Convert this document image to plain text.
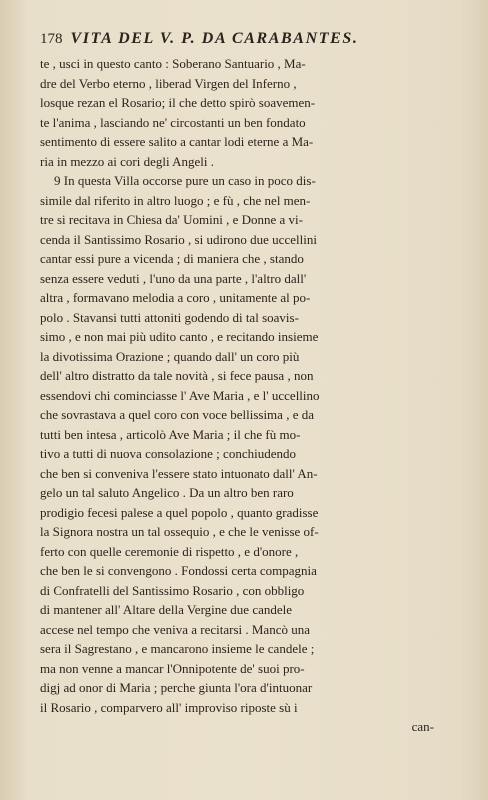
178 VITA DEL V. P. DA CARABANTES.
te , usci in questo canto : Soberano Santuario , Ma-
dre del Verbo eterno , liberad Virgen del Inferno ,
losque rezan el Rosario; il che detto spirò soavemen-
te l'anima , lasciando ne' circostanti un ben fondato
sentimento di essere salito a cantar lodi eterne a Ma-
ria in mezzo ai cori degli Angeli .
9 In questa Villa occorse pure un caso in poco dis-
simile dal riferito in altro luogo ; e fù , che nel men-
tre si recitava in Chiesa da' Uomini , e Donne a vi-
cenda il Santissimo Rosario , si udirono due uccellini
cantar essi pure a vicenda ; di maniera che , stando
senza essere veduti , l'uno da una parte , l'altro dall'
altra , formavano melodia a coro , unitamente al po-
polo . Stavansi tutti attoniti godendo di tal soavis-
simo , e non mai più udito canto , e recitando insieme
la divotissima Orazione ; quando dall' un coro più
dell' altro distratto da tale novità , si fece pausa , non
essendovi chi cominciasse l' Ave Maria , e l' uccellino
che sovrastava a quel coro con voce bellissima , e da
tutti ben intesa , articolò Ave Maria ; il che fù mo-
tivo a tutti di nuova consolazione ; conchiudendo
che ben si conveniva l'essere stato intuonato dall' An-
gelo un tal saluto Angelico . Da un altro ben raro
prodigio fecesi palese a quel popolo , quanto gradisse
la Signora nostra un tal ossequio , e che le venisse of-
ferto con quelle ceremonie di rispetto , e d'onore ,
che ben le si convengono . Fondossi certa compagnia
di Confratelli del Santissimo Rosario , con obbligo
di mantener all' Altare della Vergine due candele
accese nel tempo che veniva a recitarsi . Mancò una
sera il Sagrestano , e mancarono insieme le candele ;
ma non venne a mancar l'Onnipotente de' suoi pro-
digj ad onor di Maria ; perche giunta l'ora d'intuonar
il Rosario , comparvero all' improviso riposte sù i
can-
